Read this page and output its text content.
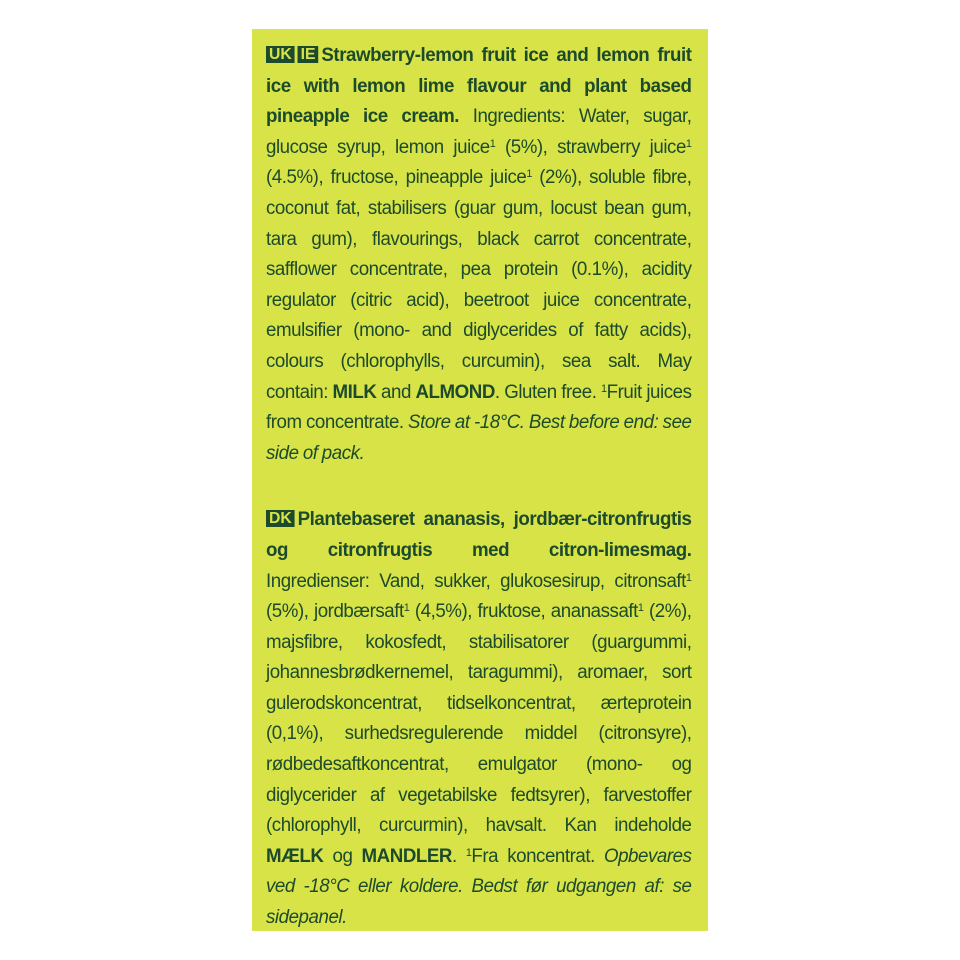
UK IE Strawberry-lemon fruit ice and lemon fruit ice with lemon lime flavour and plant based pineapple ice cream. Ingredients: Water, sugar, glucose syrup, lemon juice$^1$ (5%), strawberry juice$^1$ (4.5%), fructose, pineapple juice$^1$ (2%), soluble fibre, coconut fat, stabilisers (guar gum, locust bean gum, tara gum), flavourings, black carrot concentrate, safflower concentrate, pea protein (0.1%), acidity regulator (citric acid), beetroot juice concentrate, emulsifier (mono- and diglycerides of fatty acids), colours (chlorophylls, curcumin), sea salt. May contain: MILK and ALMOND. Gluten free. $^1$Fruit juices from concentrate. Store at -18°C. Best before end: see side of pack.

DK Plantebaseret ananasis, jordbær-citronfrugtis og citronfrugtis med citron-limesmag. Ingredienser: Vand, sukker, glukosesirup, citronsaft$^1$ (5%), jordbærsaft$^1$ (4,5%), fruktose, ananassaft$^1$ (2%), majsfibre, kokosfedt, stabilisatorer (guargummi, johannesbrødkernemel, taragummi), aromaer, sort gulerodskoncentrat, tidselkoncentrat, ærteprotein (0,1%), surhedsregulerende middel (citronsyre), rødbedesaftkoncentrat, emulgator (mono- og diglycerider af vegetabilske fedtsyrer), farvestoffer (chlorophyll, curcurmin), havsalt. Kan indeholde MÆLK og MANDLER. $^1$Fra koncentrat. Opbevares ved -18°C eller koldere. Bedst før udgangen af: se sidepanel.
